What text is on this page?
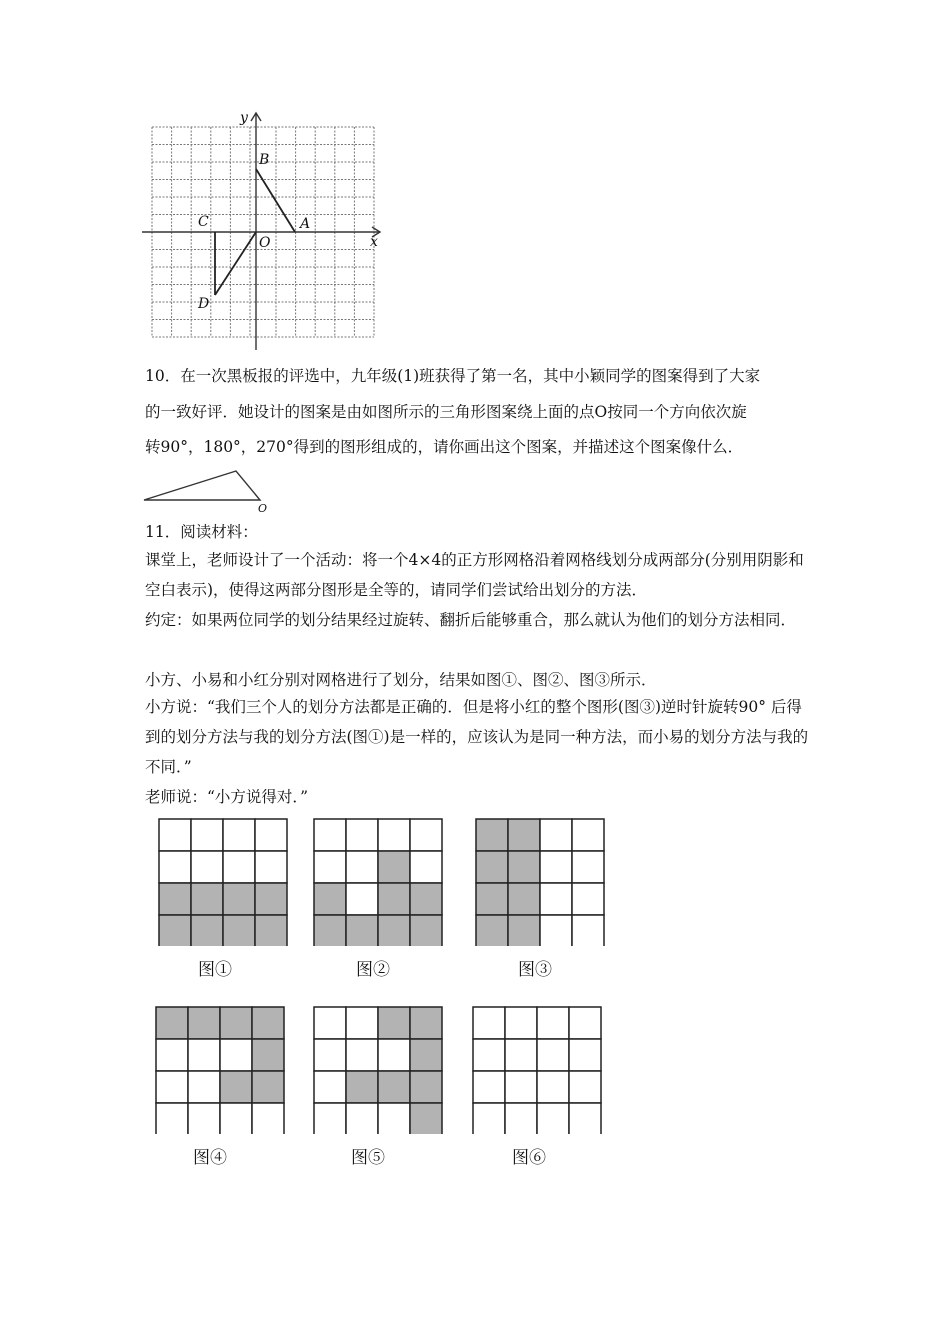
y
x
O
A
B
C
D
10．在一次黑板报的评选中，九年级(1)班获得了第一名，其中小颖同学的图案得到了大家
的一致好评．她设计的图案是由如图所示的三角形图案绕上面的点O按同一个方向依次旋
转90°，180°，270°得到的图形组成的，请你画出这个图案，并描述这个图案像什么．
O
11．阅读材料：
课堂上，老师设计了一个活动：将一个4×4的正方形网格沿着网格线划分成两部分(分别用阴影和空白表示)，使得这两部分图形是全等的，请同学们尝试给出划分的方法．
约定：如果两位同学的划分结果经过旋转、翻折后能够重合，那么就认为他们的划分方法相同．
小方、小易和小红分别对网格进行了划分，结果如图①、图②、图③所示．
小方说：“我们三个人的划分方法都是正确的．但是将小红的整个图形(图③)逆时针旋转90° 后得到的划分方法与我的划分方法(图①)是一样的，应该认为是同一种方法，而小易的划分方法与我的不同．”
老师说：“小方说得对．”
图①	图②	图③
图④	图⑤	图⑥
